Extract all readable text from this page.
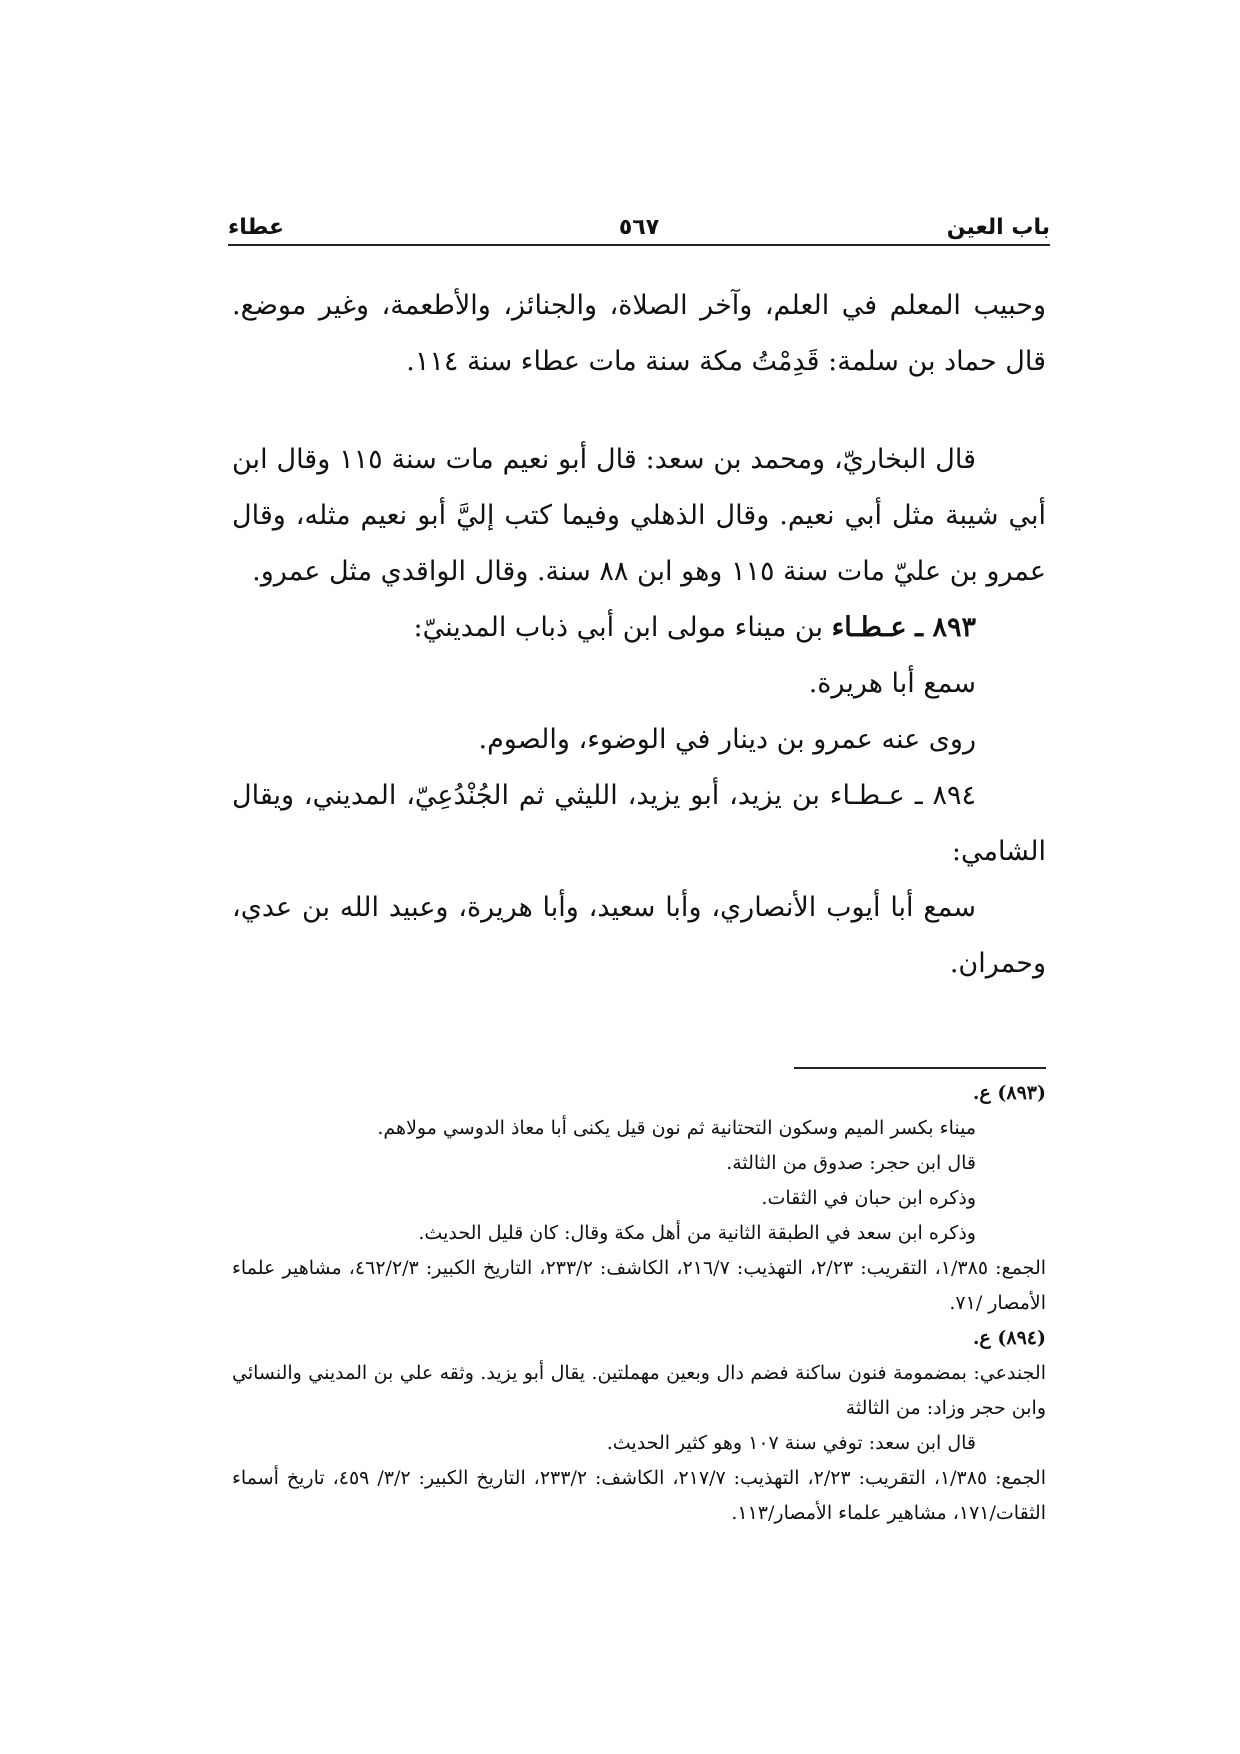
باب العين
٥٦٧
عطاء

وحبيب المعلم في العلم، وآخر الصلاة، والجنائز، والأطعمة، وغير موضع. قال حماد بن سلمة: قَدِمْتُ مكة سنة مات عطاء سنة ١١٤.

قال البخاريّ، ومحمد بن سعد: قال أبو نعيم مات سنة ١١٥ وقال ابن أبي شيبة مثل أبي نعيم. وقال الذهلي وفيما كتب إليَّ أبو نعيم مثله، وقال عمرو بن عليّ مات سنة ١١٥ وهو ابن ٨٨ سنة. وقال الواقدي مثل عمرو.

٨٩٣ ـ عـطـاء بن ميناء مولى ابن أبي ذباب المدينيّ:

سمع أبا هريرة.

روى عنه عمرو بن دينار في الوضوء، والصوم.

٨٩٤ ـ عـطـاء بن يزيد، أبو يزيد، الليثي ثم الجُنْدُعِيّ، المديني، ويقال الشامي:

سمع أبا أيوب الأنصاري، وأبا سعيد، وأبا هريرة، وعبيد الله بن عدي، وحمران.

(٨٩٣) ع.

ميناء بكسر الميم وسكون التحتانية ثم نون قيل يكنى أبا معاذ الدوسي مولاهم.

قال ابن حجر: صدوق من الثالثة.

وذكره ابن حبان في الثقات.

وذكره ابن سعد في الطبقة الثانية من أهل مكة وقال: كان قليل الحديث.

الجمع: ١/٣٨٥، التقريب: ٢/٢٣، التهذيب: ٢١٦/٧، الكاشف: ٢٣٣/٢، التاريخ الكبير: ٤٦٢/٢/٣، مشاهير علماء الأمصار /٧١.

(٨٩٤) ع.

الجندعي: بمضمومة فنون ساكنة فضم دال وبعين مهملتين. يقال أبو يزيد. وثقه علي بن المديني والنسائي وابن حجر وزاد: من الثالثة

قال ابن سعد: توفي سنة ١٠٧ وهو كثير الحديث.

الجمع: ١/٣٨٥، التقريب: ٢/٢٣، التهذيب: ٢١٧/٧، الكاشف: ٢٣٣/٢، التاريخ الكبير: ٣/٢/ ٤٥٩، تاريخ أسماء الثقات/١٧١، مشاهير علماء الأمصار/١١٣.
